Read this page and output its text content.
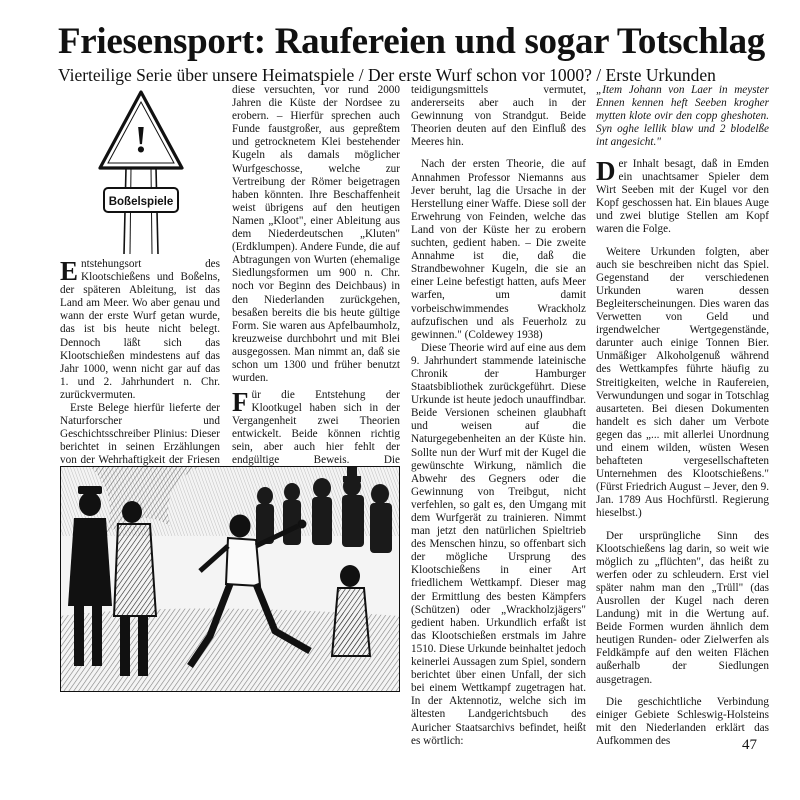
Friesensport: Raufereien und sogar Totschlag
Vierteilige Serie über unsere Heimatspiele / Der erste Wurf schon vor 1000? / Erste Urkunden
!
Boßelspiele

Entstehungsort des Klootschießens und Boßelns, der späteren Ableitung, ist das Land am Meer. Wo aber genau und wann der erste Wurf getan wurde, das ist bis heute nicht belegt. Dennoch läßt sich das Klootschießen mindestens auf das Jahr 1000, wenn nicht gar auf das 1. und 2. Jahrhundert n. Chr. zurückvermuten.

Erste Belege hierfür lieferte der Naturforscher und Geschichtsschreiber Plinius: Dieser berichtet in seinen Erzählungen von der Wehrhaftigkeit der Friesen

diese versuchten, vor rund 2000 Jahren die Küste der Nordsee zu erobern. – Hierfür sprechen auch Funde faustgroßer, aus gepreßtem und getrocknetem Klei bestehender Kugeln als damals möglicher Wurfgeschosse, welche zur Vertreibung der Römer beigetragen haben könnten. Ihre Beschaffenheit weist übrigens auf den heutigen Namen „Kloot", einer Ableitung aus dem Niederdeutschen „Kluten" (Erdklumpen). Andere Funde, die auf Abtragungen von Wurten (ehemalige Siedlungsformen um 900 n. Chr. noch vor Beginn des Deichbaus) in den Niederlanden zurückgehen, besaßen bereits die bis heute gültige Form. Sie waren aus Apfelbaumholz, kreuzweise durchbohrt und mit Blei ausgegossen. Man nimmt an, daß sie schon um 1300 und früher benutzt wurden.

Für die Entstehung der Klootkugel haben sich in der Vergangenheit zwei Theorien entwickelt. Beide können richtig sein, aber auch hier fehlt der endgültige Beweis. Die

teidigungsmittels vermutet, andererseits aber auch in der Gewinnung von Strandgut. Beide Theorien deuten auf den Einfluß des Meeres hin.

Nach der ersten Theorie, die auf Annahmen Professor Niemanns aus Jever beruht, lag die Ursache in der Herstellung einer Waffe. Diese soll der Erwehrung von Feinden, welche das Land von der Küste her zu erobern suchten, gedient haben. – Die zweite Annahme ist die, daß die Strandbewohner Kugeln, die sie an einer Leine befestigt hatten, aufs Meer warfen, um damit vorbeischwimmendes Wrackholz aufzufischen und als Feuerholz zu gewinnen." (Coldewey 1938)

Diese Theorie wird auf eine aus dem 9. Jahrhundert stammende lateinische Chronik der Hamburger Staatsbibliothek zurückgeführt. Diese Urkunde ist heute jedoch unauffindbar. Beide Versionen scheinen glaubhaft und weisen auf die Naturgegebenheiten an der Küste hin. Sollte nun der Wurf mit der Kugel die gewünschte Wirkung, nämlich die Abwehr des Gegners oder die Gewinnung von Treibgut, nicht verfehlen, so galt es, den Umgang mit dem Wurfgerät zu trainieren. Nimmt man jetzt den natürlichen Spieltrieb des Menschen hinzu, so offenbart sich der mögliche Ursprung des Klootschießens in einer Art friedlichem Wettkampf. Dieser mag der Ermittlung des besten Kämpfers (Schützen) oder „Wrackholzjägers" gedient haben. Urkundlich erfaßt ist das Klootschießen erstmals im Jahre 1510. Diese Urkunde beinhaltet jedoch keinerlei Aussagen zum Spiel, sondern berichtet über einen Unfall, der sich bei einem Wettkampf zugetragen hat. In der Aktennotiz, welche sich im ältesten Landgerichtsbuch des Auricher Staatsarchivs befindet, heißt es wörtlich:

„Item Johann von Laer in meyster Ennen kennen heft Seeben krogher mytten klote ovir den copp gheshoten. Syn oghe lellik blaw und 2 blodelße int angesicht."

Der Inhalt besagt, daß in Emden ein unachtsamer Spieler dem Wirt Seeben mit der Kugel vor den Kopf geschossen hat. Ein blaues Auge und zwei blutige Stellen am Kopf waren die Folge.

Weitere Urkunden folgten, aber auch sie beschreiben nicht das Spiel. Gegenstand der verschiedenen Urkunden waren dessen Begleiterscheinungen. Dies waren das Verwetten von Geld und irgendwelcher Wertgegenstände, darunter auch einige Tonnen Bier. Unmäßiger Alkoholgenuß während des Wettkampfes führte häufig zu Streitigkeiten, welche in Raufereien, Verwundungen und sogar in Totschlag ausarteten. Bei diesen Dokumenten handelt es sich daher um Verbote gegen das „... mit allerlei Unordnung und einem wilden, wüsten Wesen behafteten vergesellschafteten Unternehmen des Klootschießens." (Fürst Friedrich August – Jever, den 9. Jan. 1789 Aus Hochfürstl. Regierung hieselbst.)

Der ursprüngliche Sinn des Klootschießens lag darin, so weit wie möglich zu „flüchten", das heißt zu werfen oder zu schleudern. Erst viel später nahm man den „Trüll" (das Ausrollen der Kugel nach deren Landung) mit in die Wertung auf. Beide Formen wurden ähnlich dem heutigen Runden- oder Zielwerfen als Feldkämpfe auf den weiten Flächen außerhalb der Siedlungen ausgetragen.

Die geschichtliche Verbindung einiger Gebiete Schleswig-Holsteins mit den Niederlanden erklärt das Aufkommen des	47
